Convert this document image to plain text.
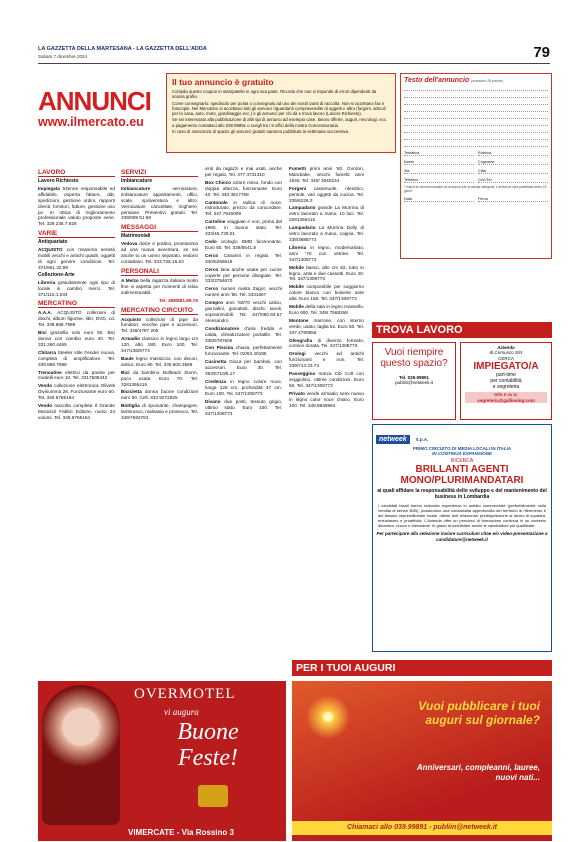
LA GAZZETTA DELLA MARTESANA - LA GAZZETTA DELL'ADDA
Sabato 7 dicembre 2024	79
ANNUNCI
www.ilmercato.eu
Il tuo annuncio è gratuito

Compila questo coupon in stampatello in ogni sua parte. Ricorda che non si risponde di errori dipendenti da scarsa grafia.

Come consegnarlo: spediscilo per posta o consegnalo ad uno dei nostri punti di raccolta. Non si accettano fax e fotocopie. Nel Mercatino si accettano tutti gli annunci riguardanti compravendite di oggetti e altro (furgoni, articoli per la casa, auto, moto, giardinaggio ecc.) e gli annunci per chi dà e trova lavoro (Lavoro Richiesto).

Se sei interessato alla pubblicazione di altri tipi di annunci ad esempio case, lavoro offerte, auguri, necrologi, ecc. a pagamento contattaci allo 039.99891 o scegli tra i 9 uffici della nostra Concessionaria.

In caso di mancanza di spazio gli annunci gratuiti saranno pubblicati la settimana successiva.

Testo dell'annuncio (massimo 25 parole)
Tematica	Rubrica
Nome	Cognome
Via	Città
Telefono	Cell./Tel.
* Indica se ricorda mandare un annuncio per la stessa categoria. L'annuncio sarà pubblicato entro 15 giorni.
Data	Firma
LAVORO
Lavoro Richiesto

Impiegata 53enne responsabile ed affidabile, esperta fatture, ddt, spedizioni, gestione ordini, rapporti clienti, fornitori, fatture, gestione uso pc. In ottica di miglioramento professionale valuto proposte serie. Tel. 328.235.7.928

VARIE
Antiquariato

ACQUISTO con massima serietà mobili vecchi e antichi quadri, oggetti di ogni genere condizioni. Tel. 371/661.32.98

Collezione-Arte

Libreria gratuitamente ogni tipo di locale in cambio merci. Tel. 371/116.1.034

MERCATINO

A.A.A. ACQUISTO collezioni di dischi, album figurine, libri, DVD, cd. Tel. 339.868.7988

Bici graziella solo euro 50. Bici donna con cambio euro 40. Tel. 331.260.4465

Chitarra Steeler stile Fender nuova, completa di amplificatore. Tel. 339.868.7988

Trenoatine elettrici da parete per modelli euro 10. Tel. 3317505442

Vendo collezione elettronica Olivetti Divisumma 28. Funzionante euro 60. Tel. 340.6765194

Vendo raccolta completa Il Grande Musicisti Fabbri Editore, nuovi 24 volumi. Tel. 349.6765164

SERVIZI
Imbiancature

Imbiancature	verniciature, imbiancature appartamenti, uffici, scale, spolveratura e altro. Verniciature cancellate, ringhiere, persiane. Preventivi gratuiti. Tel. 339/009 51 59

MESSAGGI
Matrimoniali

Vedova dolce e pratica, prontissima ad una nuova avventura, se sei anche tu un uomo separato, vedovo contattami. Tel. 333.725.15.63

PERSONALI

A Melzo bella ragazza italiana molto fine vi aspetta per momenti di relax indimenticabili.

Tel. 388/881.89.76

MERCATINO CIRCUITO

Acquisto collezioni di pipe da fumatori, vecchie pipe e accessori. Tel. 328/4797 205

Armadio classico in legno largo cm 120, alto 180. Euro 100. Tel. 347/136/8773

Baule legno massiccio, con decori, antico. Euro 80. Tel. 335.600.3569

Bici da bambino Bulltrack Storm, poco usata. Euro 70. Tel. 3281366415

Bicicletta donna buone condizioni euro 50. Cell. 333 9272925

Bottiglia di spumante, champagne, lambrusco, malvasia e prosecco. Tel. 349/7692763

vinti da ragazzi e mai usati, anche per regalo. Tel. 377 4731310

Box Chicco colore rosso, fondo con doppia altezza, funzionante. Euro 40. Tel. 340.3817768

Cantonale in radica di noce, ristrutturato, prezzo da concordare. Tel. 347.7916009

Cartoline viaggiate e non, prima del 1960, in buono stato. Tel. 333/46.739.01

Cedo orologio BMD funzionante. Euro 50. Tel. 339/5641.8

Cerco Canarini in regalo. Tel. 340/6256619

Cerco lana anche usata per cucire coperte per persone disagiate. Tel. 333/3754670

Cerco numeri rivista Zagor, vecchi numeri anni '80. Tel. 3331667

Compro anni '60/70 vecchi calcio, giornalini, giocattoli, dischi, tavoli, soprammobili. Tel. 347/060.94.67 Alessandro

Condizionatore d'aria fredda e calda, climatizzatore portatile. Tel. 335/5787606

Con Piscina chiusa, perfettamente funzionante. Tel. 02/63.40185

Cucinetta Gioca per bambini, con accessori. Euro 30. Tel. 393/5710/6.17

Credenza in legno colore noce, lunga 126 cm, profondità 47 cm. Euro 100. Tel. 347/1308773

Divano due posti, tessuto grigio, ottimo stato. Euro 100. Tel. 347/1308773

Fumetti primi anni '60, Gordon, Mandrake, vecchi fumetti anni 1940. Tel. 340/ 3040234

Forgeni casseruole, ritenitrici, pentole, vari oggetti da cucina. Tel. 335/6226.3

Lampadario grande La Murrina di vetro lavorato a mano, 10 luci. Tel. 3281366415

Lampadario La Murrina Dolly di vetro lavorato a mano, coppia. Tel. 338/3888773

Libreria in legno, modernariato, anni '70 con vetrine. Tel. 347/1308773

Mobile basso, alto cm 82, tutto in legno, ante e due cassetti. Euro 40. Tel. 347/1308773

Mobile componibile per soggiorno colore bianco con boiserie ante alta. Euro 150. Tel. 347/1308773

Mobile della sala in legno massello. Euro 600. Tel. 349/ 7568268

Montone marrone, con interno verde, usato, taglia 52. Euro 50. Tel. 347.4780856

Oleografia di diverso formato, cornice dorata. Tel. 347/1308773

Orologi vecchi ed antichi funzionanti e non. Tel. 339/713.33.73

Passeggino marca Cib Colt con seggiolino, ottime condizioni. Euro 60. Tel. 347/1308773

Privato vende armadio semi nuovo in legno color noce chiaro. Euro 100. Tel. 349.9849964

TROVA LAVORO
Vuoi riempire questo spazio?
Tel. 039.99891
publiin@netweek.it
Azienda
di Cernusco S/N
CERCA
IMPIEGATO/A
part-time
per contabilità
e segreteria
Info e cv a:
segreteria@gallieoing.com
netweek S.p.A.
PRIMO CIRCUITO DI MEDIA LOCALI IN ITALIA
IN CONTINUA ESPANSIONE
RICERCA
BRILLANTI AGENTI
MONO/PLURIMANDATARI
ai quali affidare la responsabilità dello sviluppo e del mantenimento del business in Lombardia
I candidati ideali hanno maturato esperienza in ambito commerciale (preferibilmente nella vendita di servizi B2B), possiedono una consolidata approfondita del territorio di riferimento e dei tessuto imprenditoriale locale, ottime doti relazionali, predisposizione al lavoro di squadra, entusiasmo e proattività. L'Azienda offre un percorso di formazione continua in un contesto dinamico, nuovo e stimolante. In grado di soddisfare anche le candidature più qualificate.
Per partecipare alla selezione inviare curriculum vitae e/o video-presentazione a candidature@netweek.it
PER I TUOI AUGURI
OVERMOTEL
vi augura
Buone
Feste!
VIMERCATE - Via Rossino 3
Vuoi pubblicare i tuoi auguri sul giornale?
Anniversari, compleanni, lauree, nuovi nati...
Chiamaci allo 039.99891 - publiin@netweek.it
